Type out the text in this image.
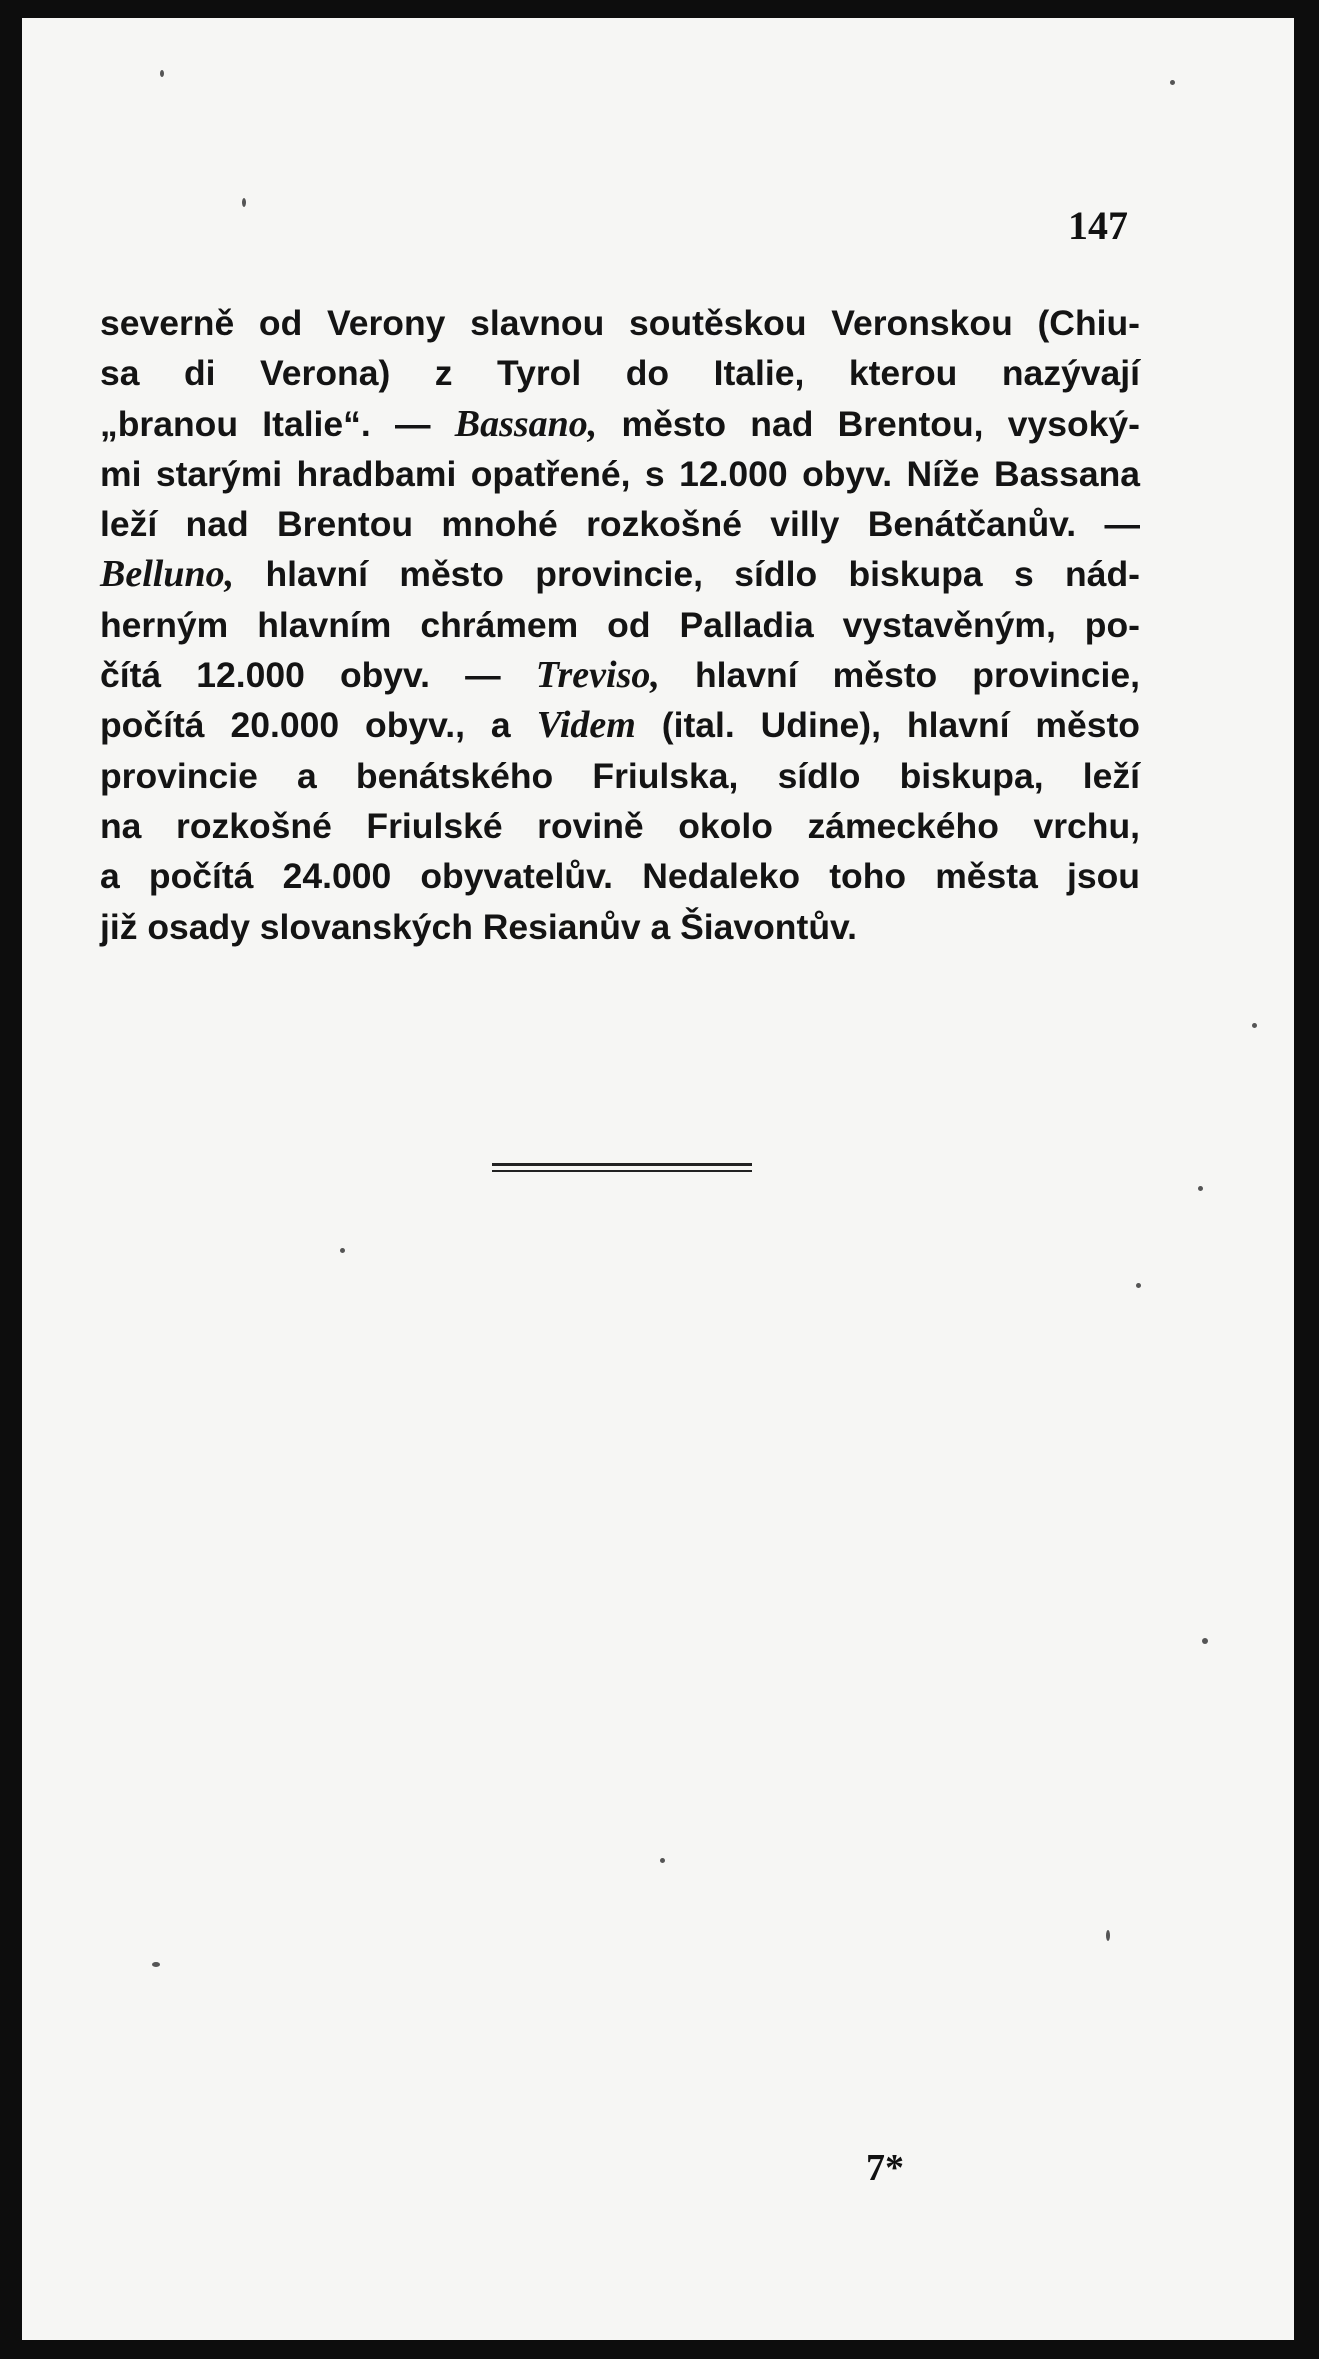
147

severně od Verony slavnou soutěskou Veronskou (Chiu-
sa di Verona) z Tyrol do Italie, kterou nazývají
„branou Italie“. — Bassano, město nad Brentou, vysoký-
mi starými hradbami opatřené, s 12.000 obyv. Níže Bassana
leží nad Brentou mnohé rozkošné villy Benátčanův. —
Belluno, hlavní město provincie, sídlo biskupa s nád-
herným hlavním chrámem od Palladia vystavěným, po-
čítá 12.000 obyv. — Treviso, hlavní město provincie,
počítá 20.000 obyv., a Videm (ital. Udine), hlavní město
provincie a benátského Friulska, sídlo biskupa, leží
na rozkošné Friulské rovině okolo zámeckého vrchu,
a počítá 24.000 obyvatelův. Nedaleko toho města jsou
již osady slovanských Resianův a Šiavontův.

7*
